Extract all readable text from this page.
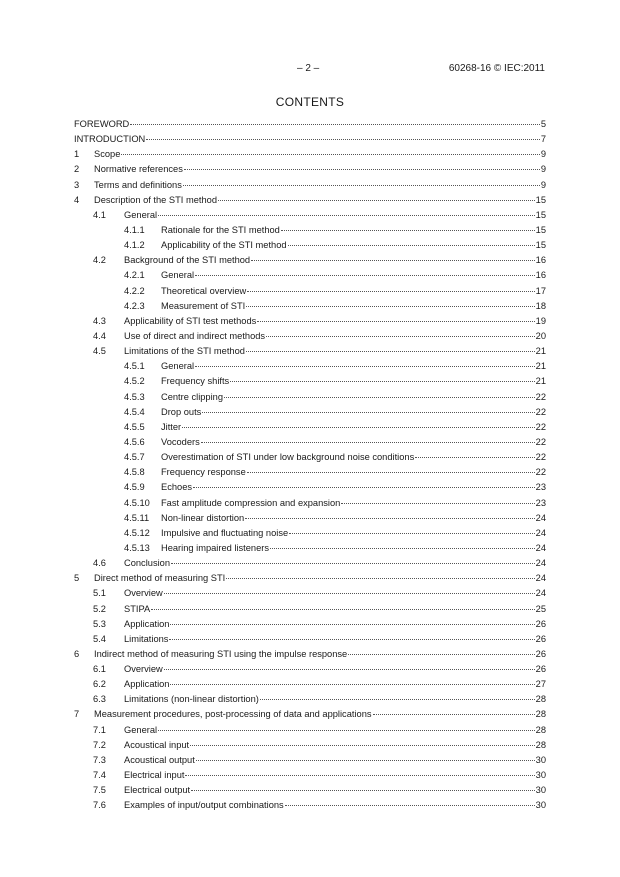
– 2 –	60268-16 © IEC:2011
CONTENTS
FOREWORD	5
INTRODUCTION	7
1	Scope	9
2	Normative references	9
3	Terms and definitions	9
4	Description of the STI method	15
4.1	General	15
4.1.1	Rationale for the STI method	15
4.1.2	Applicability of the STI method	15
4.2	Background of the STI method	16
4.2.1	General	16
4.2.2	Theoretical overview	17
4.2.3	Measurement of STI	18
4.3	Applicability of STI test methods	19
4.4	Use of direct and indirect methods	20
4.5	Limitations of the STI method	21
4.5.1	General	21
4.5.2	Frequency shifts	21
4.5.3	Centre clipping	22
4.5.4	Drop outs	22
4.5.5	Jitter	22
4.5.6	Vocoders	22
4.5.7	Overestimation of STI under low background noise conditions	22
4.5.8	Frequency response	22
4.5.9	Echoes	23
4.5.10	Fast amplitude compression and expansion	23
4.5.11	Non-linear distortion	24
4.5.12	Impulsive and fluctuating noise	24
4.5.13	Hearing impaired listeners	24
4.6	Conclusion	24
5	Direct method of measuring STI	24
5.1	Overview	24
5.2	STIPA	25
5.3	Application	26
5.4	Limitations	26
6	Indirect method of measuring STI using the impulse response	26
6.1	Overview	26
6.2	Application	27
6.3	Limitations (non-linear distortion)	28
7	Measurement procedures, post-processing of data and applications	28
7.1	General	28
7.2	Acoustical input	28
7.3	Acoustical output	30
7.4	Electrical input	30
7.5	Electrical output	30
7.6	Examples of input/output combinations	30
